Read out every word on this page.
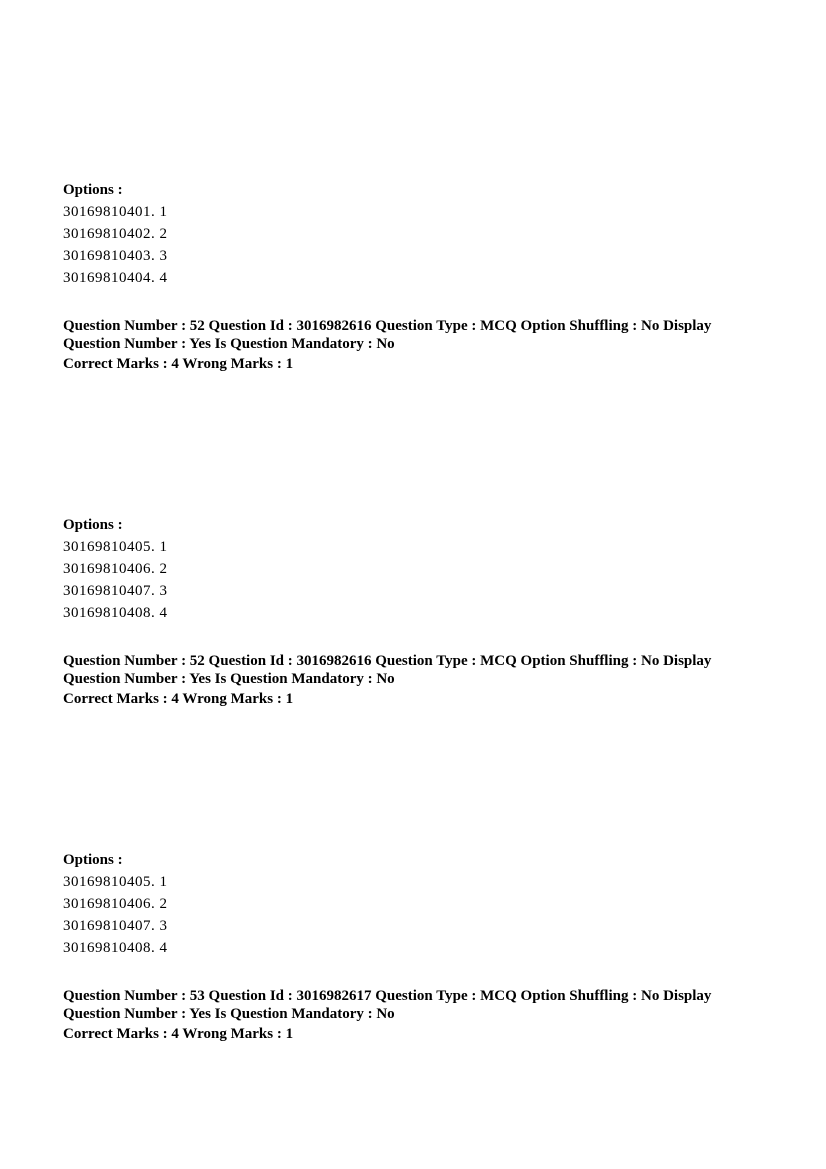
Options :
30169810401. 1
30169810402. 2
30169810403. 3
30169810404. 4
Question Number : 52 Question Id : 3016982616 Question Type : MCQ Option Shuffling : No Display Question Number : Yes Is Question Mandatory : No
Correct Marks : 4 Wrong Marks : 1
Options :
30169810405. 1
30169810406. 2
30169810407. 3
30169810408. 4
Question Number : 52 Question Id : 3016982616 Question Type : MCQ Option Shuffling : No Display Question Number : Yes Is Question Mandatory : No
Correct Marks : 4 Wrong Marks : 1
Options :
30169810405. 1
30169810406. 2
30169810407. 3
30169810408. 4
Question Number : 53 Question Id : 3016982617 Question Type : MCQ Option Shuffling : No Display Question Number : Yes Is Question Mandatory : No
Correct Marks : 4 Wrong Marks : 1
